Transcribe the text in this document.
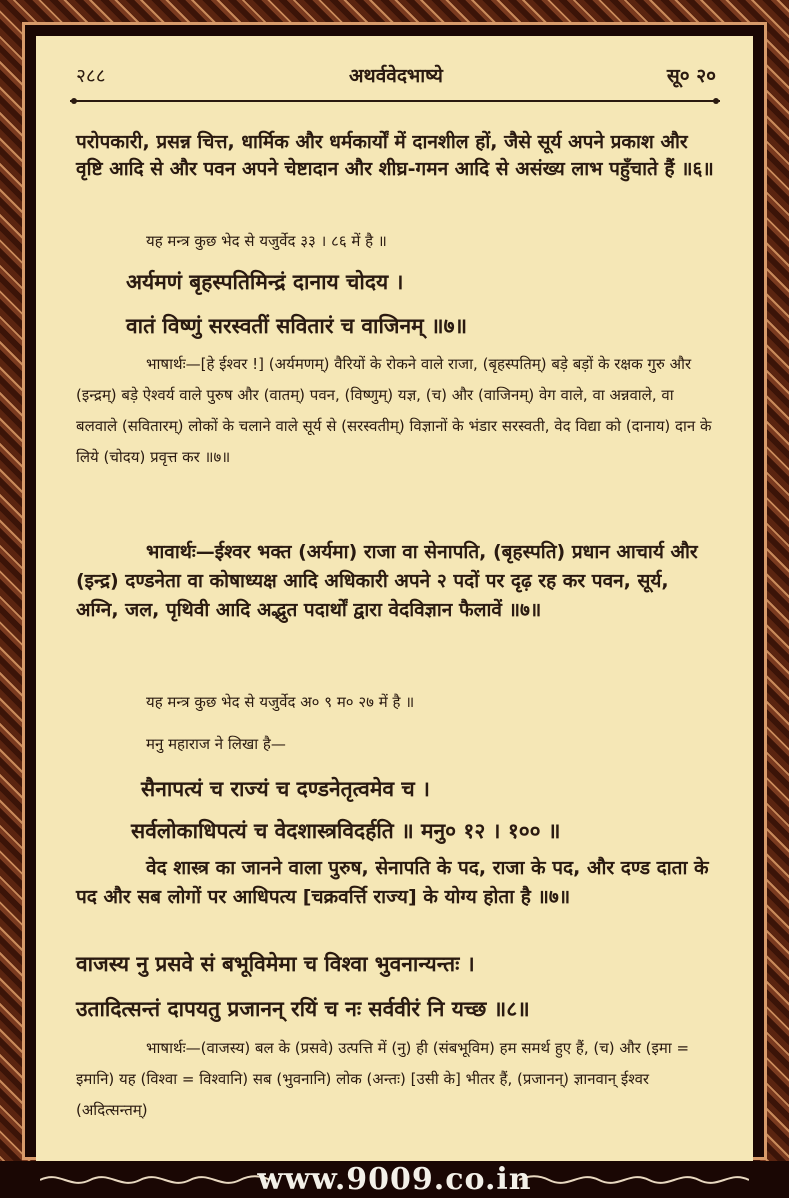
अथर्ववेदभाष्ये
२८८	सू० २०
परोपकारी, प्रसन्न चित्त, धार्मिक और धर्मकार्यों में दानशील हों, जैसे सूर्य अपने प्रकाश और वृष्टि आदि से और पवन अपने चेष्टादान और शीघ्र-गमन आदि से असंख्य लाभ पहुँचाते हैं ॥६॥
यह मन्त्र कुछ भेद से यजुर्वेद ३३ । ८६ में है ॥
अर्यमणं बृहस्पतिमिन्द्रं दानाय चोदय ।
वातं विष्णुं सरस्वतीं सवितारं च वाजिनम् ॥७॥
भाषार्थः—[हे ईश्वर !] (अर्यमणम्) वैरियों के रोकने वाले राजा, (बृहस्पतिम्) बड़े बड़ों के रक्षक गुरु और (इन्द्रम्) बड़े ऐश्वर्य वाले पुरुष और (वातम्) पवन, (विष्णुम्) यज्ञ, (च) और (वाजिनम्) वेग वाले, वा अन्नवाले, वा बलवाले (सवितारम्) लोकों के चलाने वाले सूर्य से (सरस्वतीम्) विज्ञानों के भंडार सरस्वती, वेद विद्या को (दानाय) दान के लिये (चोदय) प्रवृत्त कर ॥७॥
भावार्थः—ईश्वर भक्त (अर्यमा) राजा वा सेनापति, (बृहस्पति) प्रधान आचार्य और (इन्द्र) दण्डनेता वा कोषाध्यक्ष आदि अधिकारी अपने २ पदों पर दृढ़ रह कर पवन, सूर्य, अग्नि, जल, पृथिवी आदि अद्भुत पदार्थों द्वारा वेदविज्ञान फैलावें ॥७॥
यह मन्त्र कुछ भेद से यजुर्वेद अ० ९ म० २७ में है ॥
मनु महाराज ने लिखा है—
सैनापत्यं च राज्यं च दण्डनेतृत्वमेव च ।
सर्वलोकाधिपत्यं च वेदशास्त्रविदर्हति ॥ मनु० १२ । १०० ॥
वेद शास्त्र का जानने वाला पुरुष, सेनापति के पद, राजा के पद, और दण्ड दाता के पद और सब लोगों पर आधिपत्य [चक्रवर्त्ति राज्य] के योग्य होता है ॥७॥
वाजस्य नु प्रसवे सं बभूविमेमा च विश्वा भुवनान्यन्तः ।
उतादित्सन्तं दापयतु प्रजानन् रयिं च नः सर्ववीरं नि यच्छ ॥८॥
भाषार्थः—(वाजस्य) बल के (प्रसवे) उत्पत्ति में (नु) ही (संबभूविम) हम समर्थ हुए हैं, (च) और (इमा = इमानि) यह (विश्वा = विश्वानि) सब (भुवनानि) लोक (अन्तः) [उसी के] भीतर हैं, (प्रजानन्) ज्ञानवान् ईश्वर (अदित्सन्तम्)
www.9009.co.in
